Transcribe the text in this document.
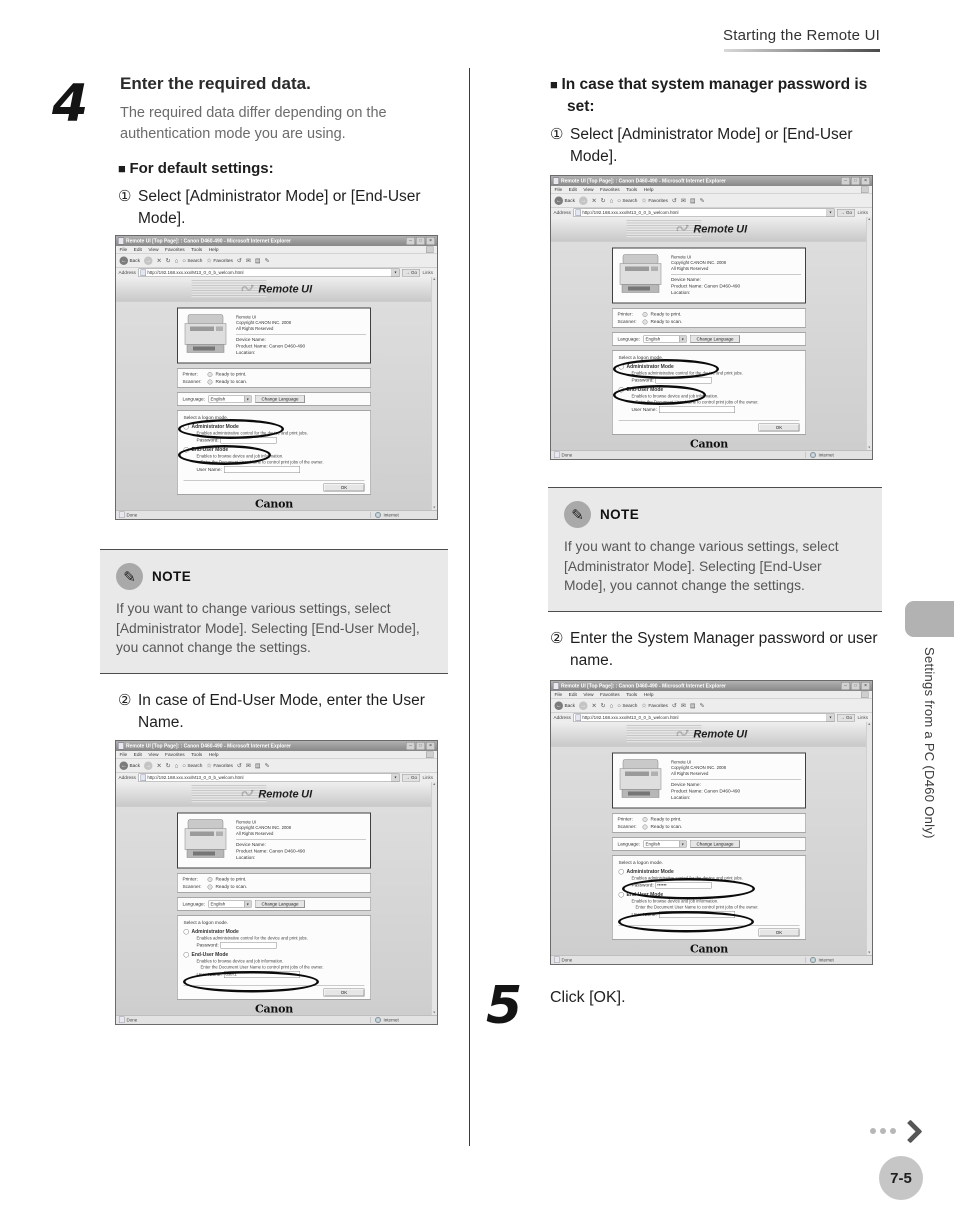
Starting the Remote UI
4 Enter the required data.
The required data differ depending on the authentication mode you are using.
■ For default settings:
① Select [Administrator Mode] or [End-User Mode].
Remote UI [Top Page]: : Canon D460-490 - Microsoft Internet Explorer	─ □ ✕
File Edit View Favorites Tools Help
← Back → ✕ ↻ ⌂ ○ Search ☆ Favorites ↺ ✉ ▤ ✎
Address http://192.168.xxx.xxx/M13_0_0_b_welcom.html	▾ → Go Links
Remote UI
Remote UI
Copyright CANON INC. 2008
All Rights Reserved
Device Name:
Product Name: Canon D460-490
Location:
Printer:	Ready to print.
Scanner:	Ready to scan.
Language: English	▾	Change Language
Select a logon mode.
Administrator Mode
Enables administrative control for the device and print jobs.
Password:
End-User Mode
Enables to browse device and job information.
Enter the Document User Name to control print jobs of the owner.
User Name:
OK
Canon
▲
▼
Done	Internet
✎
NOTE
If you want to change various settings, select [Administrator Mode]. Selecting [End-User Mode], you cannot change the settings.
② In case of End-User Mode, enter the User Name.
Remote UI [Top Page]: : Canon D460-490 - Microsoft Internet Explorer	─ □ ✕
File Edit View Favorites Tools Help
← Back → ✕ ↻ ⌂ ○ Search ☆ Favorites ↺ ✉ ▤ ✎
Address http://192.168.xxx.xxx/M13_0_0_b_welcom.html	▾ → Go Links
Remote UI
Remote UI
Copyright CANON INC. 2008
All Rights Reserved
Device Name:
Product Name: Canon D460-490
Location:
Printer:	Ready to print.
Scanner:	Ready to scan.
Language: English	▾	Change Language
Select a logon mode.
Administrator Mode
Enables administrative control for the device and print jobs.
Password:
End-User Mode
Enables to browse device and job information.
Enter the Document User Name to control print jobs of the owner.
User Name: user1
OK
Canon
▲
▼
Done	Internet
■ In case that system manager password is set:
① Select [Administrator Mode] or [End-User Mode].
Remote UI [Top Page]: : Canon D460-490 - Microsoft Internet Explorer	─ □ ✕
File Edit View Favorites Tools Help
← Back → ✕ ↻ ⌂ ○ Search ☆ Favorites ↺ ✉ ▤ ✎
Address http://192.168.xxx.xxx/M13_0_0_b_welcom.html	▾ → Go Links
Remote UI
Remote UI
Copyright CANON INC. 2008
All Rights Reserved
Device Name:
Product Name: Canon D460-490
Location:
Printer:	Ready to print.
Scanner:	Ready to scan.
Language: English	▾	Change Language
Select a logon mode.
Administrator Mode
Enables administrative control for the device and print jobs.
Password:
End-User Mode
Enables to browse device and job information.
Enter the Document User Name to control print jobs of the owner.
User Name:
OK
Canon
▲
▼
Done	Internet
✎
NOTE
If you want to change various settings, select [Administrator Mode]. Selecting [End-User Mode], you cannot change the settings.
② Enter the System Manager password or user name.
Remote UI [Top Page]: : Canon D460-490 - Microsoft Internet Explorer	─ □ ✕
File Edit View Favorites Tools Help
← Back → ✕ ↻ ⌂ ○ Search ☆ Favorites ↺ ✉ ▤ ✎
Address http://192.168.xxx.xxx/M13_0_0_b_welcom.html	▾ → Go Links
Remote UI
Remote UI
Copyright CANON INC. 2008
All Rights Reserved
Device Name:
Product Name: Canon D460-490
Location:
Printer:	Ready to print.
Scanner:	Ready to scan.
Language: English	▾	Change Language
Select a logon mode.
Administrator Mode
Enables administrative control for the device and print jobs.
Password: ••••••
End-User Mode
Enables to browse device and job information.
Enter the Document User Name to control print jobs of the owner.
User Name:
OK
Canon
▲
▼
Done	Internet
5 Click [OK].
Settings from a PC (D460 Only)
7-5
